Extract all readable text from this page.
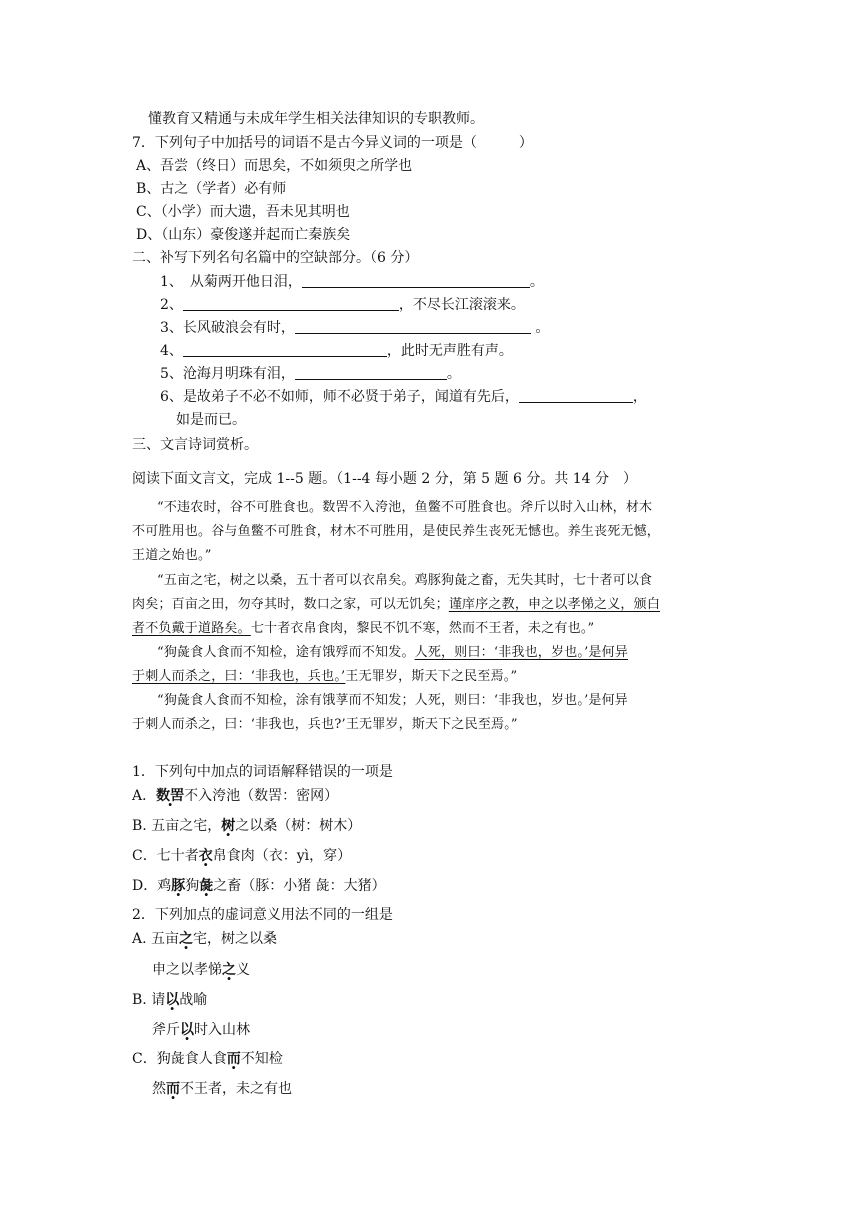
懂教育又精通与未成年学生相关法律知识的专职教师。
7．下列句子中加括号的词语不是古今异义词的一项是（　　　）
A、吾尝（终日）而思矣，不如须臾之所学也
B、古之（学者）必有师
C、（小学）而大遗，吾未见其明也
D、（山东）豪俊遂并起而亡秦族矣
二、补写下列名句名篇中的空缺部分。（6 分）
1、　从菊两开他日泪，	。
2、	，不尽长江滚滚来。
3、长风破浪会有时，	。
4、	，此时无声胜有声。
5、沧海月明珠有泪，	。
6、是故弟子不必不如师，师不必贤于弟子，闻道有先后，	，
如是而已。
三、文言诗词赏析。
阅读下面文言文，完成 1--5 题。（1--4 每小题 2 分，第 5 题 6 分。共 14 分　）
“不违农时，谷不可胜食也。数罟不入洿池，鱼鳖不可胜食也。斧斤以时入山林，材木
不可胜用也。谷与鱼鳖不可胜食，材木不可胜用，是使民养生丧死无憾也。养生丧死无憾，
王道之始也。”
“五亩之宅，树之以桑，五十者可以衣帛矣。鸡豚狗彘之畜，无失其时，七十者可以食
肉矣；百亩之田，勿夺其时，数口之家，可以无饥矣；谨庠序之教，申之以孝悌之义，颁白
者不负戴于道路矣。七十者衣帛食肉，黎民不饥不寒，然而不王者，未之有也。”
“狗彘食人食而不知检，途有饿殍而不知发。人死，则曰：‘非我也，岁也。’是何异
于刺人而杀之，曰：‘非我也，兵也。’王无罪岁，斯天下之民至焉。”
“狗彘食人食而不知检，涂有饿莩而不知发；人死，则曰：‘非我也，岁也。’是何异
于刺人而杀之，曰：‘非我也，兵也?’王无罪岁，斯天下之民至焉。”
1．下列句中加点的词语解释错误的一项是
A．数罟不入洿池（数罟：密网）
B. 五亩之宅，树之以桑（树：树木）
C．七十者衣帛食肉（衣：yì，穿）
D．鸡豚狗彘之畜（豚：小猪 彘：大猪）
2．下列加点的虚词意义用法不同的一组是
A. 五亩之宅，树之以桑
申之以孝悌之义
B. 请以战喻
斧斤以时入山林
C．狗彘食人食而不知检
然而不王者，未之有也
